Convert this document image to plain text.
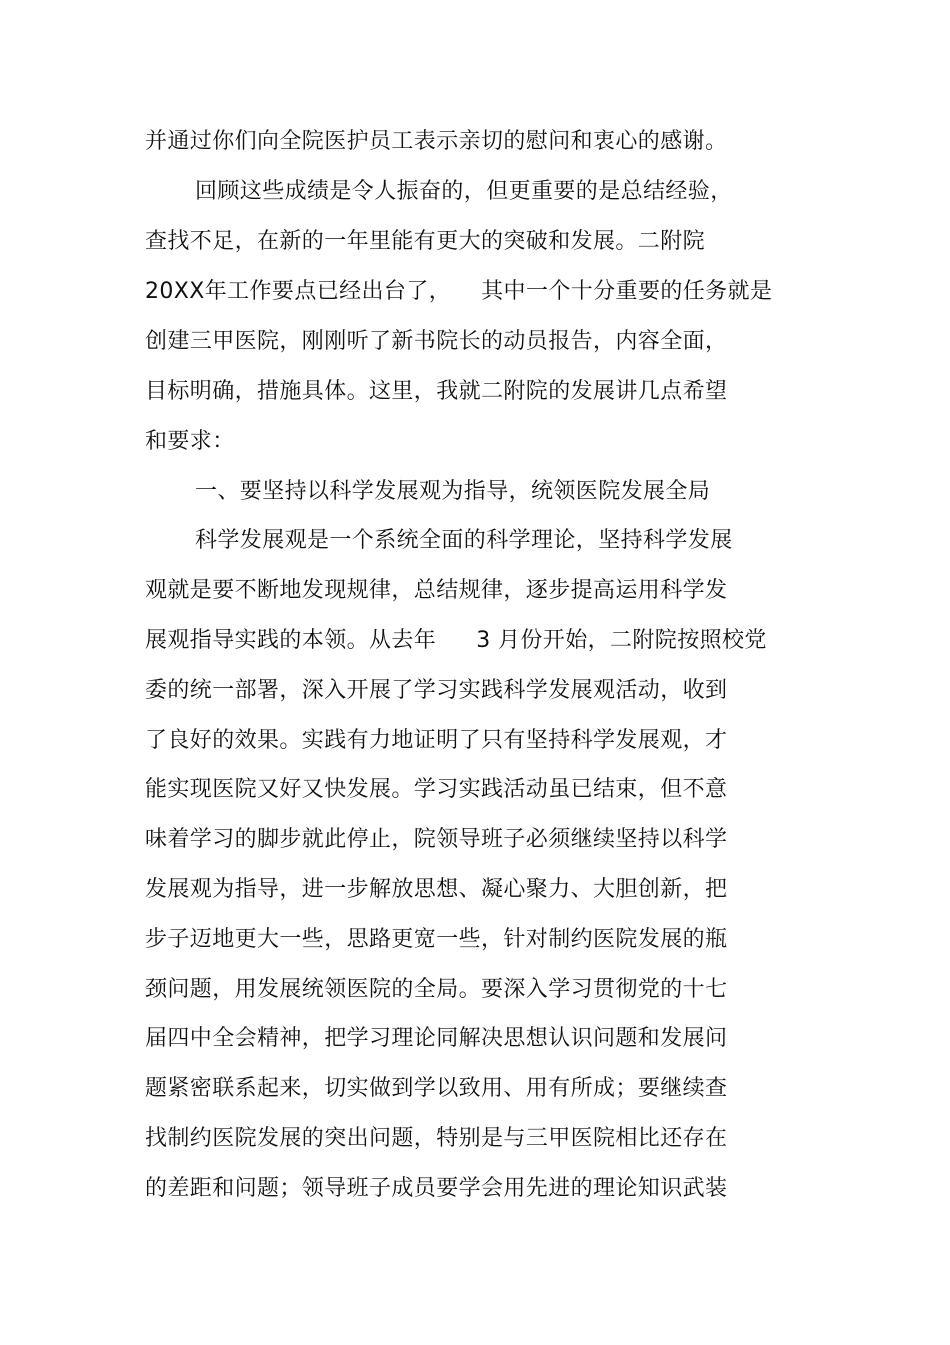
并通过你们向全院医护员工表示亲切的慰问和衷心的感谢。
回顾这些成绩是令人振奋的，但更重要的是总结经验，
查找不足，在新的一年里能有更大的突破和发展。二附院
20XX年工作要点已经出台了， 其中一个十分重要的任务就是
创建三甲医院，刚刚听了新书院长的动员报告，内容全面，
目标明确，措施具体。这里，我就二附院的发展讲几点希望
和要求：
一、要坚持以科学发展观为指导，统领医院发展全局
科学发展观是一个系统全面的科学理论，坚持科学发展
观就是要不断地发现规律，总结规律，逐步提高运用科学发
展观指导实践的本领。从去年 3 月份开始，二附院按照校党
委的统一部署，深入开展了学习实践科学发展观活动，收到
了良好的效果。实践有力地证明了只有坚持科学发展观，才
能实现医院又好又快发展。学习实践活动虽已结束，但不意
味着学习的脚步就此停止，院领导班子必须继续坚持以科学
发展观为指导，进一步解放思想、凝心聚力、大胆创新，把
步子迈地更大一些，思路更宽一些，针对制约医院发展的瓶
颈问题，用发展统领医院的全局。要深入学习贯彻党的十七
届四中全会精神，把学习理论同解决思想认识问题和发展问
题紧密联系起来，切实做到学以致用、用有所成；要继续查
找制约医院发展的突出问题，特别是与三甲医院相比还存在
的差距和问题；领导班子成员要学会用先进的理论知识武装
